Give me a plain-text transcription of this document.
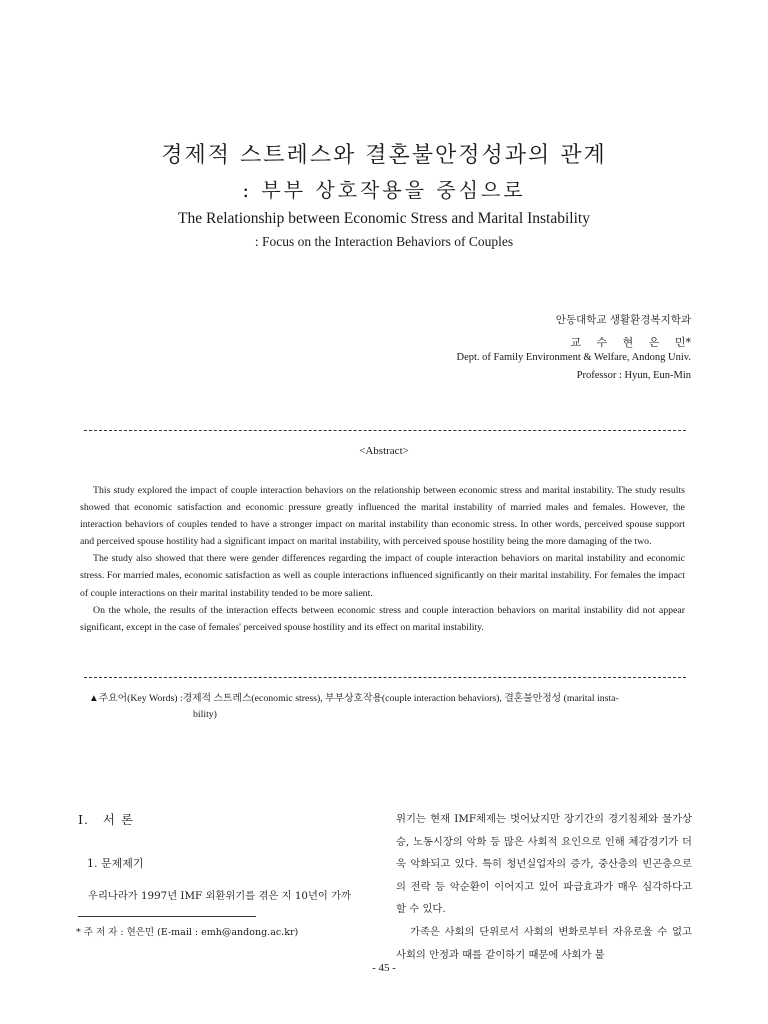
경제적 스트레스와 결혼불안정성과의 관계
: 부부 상호작용을 중심으로
The Relationship between Economic Stress and Marital Instability
: Focus on the Interaction Behaviors of Couples
안동대학교 생활환경복지학과
교 수 현 은 민*
Dept. of Family Environment & Welfare, Andong Univ.
Professor : Hyun, Eun-Min
<Abstract>

This study explored the impact of couple interaction behaviors on the relationship between economic stress and marital instability. The study results showed that economic satisfaction and economic pressure greatly influenced the marital instability of married males and females. However, the interaction behaviors of couples tended to have a stronger impact on marital instability than economic stress. In other words, perceived spouse support and perceived spouse hostility had a significant impact on marital instability, with perceived spouse hostility being the more damaging of the two.

The study also showed that there were gender differences regarding the impact of couple interaction behaviors on marital instability and economic stress. For married males, economic satisfaction as well as couple interactions influenced significantly on their marital instability. For females the impact of couple interactions on their marital instability tended to be more salient.

On the whole, the results of the interaction effects between economic stress and couple interaction behaviors on marital instability did not appear significant, except in the case of females' perceived spouse hostility and its effect on marital instability.

▲주요어(Key Words) : 경제적 스트레스(economic stress), 부부상호작용(couple interaction behaviors), 결혼불안정성 (marital insta-
bility)
Ⅰ. 서 론
1. 문제제기
우리나라가 1997년 IMF 외환위기를 겪은 지 10년이 가까
* 주 저 자 : 현은민 (E-mail : emh@andong.ac.kr)

위기는 현재 IMF체제는 벗어났지만 장기간의 경기침체와 물가상승, 노동시장의 악화 등 많은 사회적 요인으로 인해 체감경기가 더욱 악화되고 있다. 특히 청년실업자의 증가, 중산층의 빈곤층으로의 전락 등 악순환이 이어지고 있어 파급효과가 매우 심각하다고 할 수 있다.

가족은 사회의 단위로서 사회의 변화로부터 자유로울 수 없고 사회의 안정과 때를 같이하기 때문에 사회가 불

- 45 -
